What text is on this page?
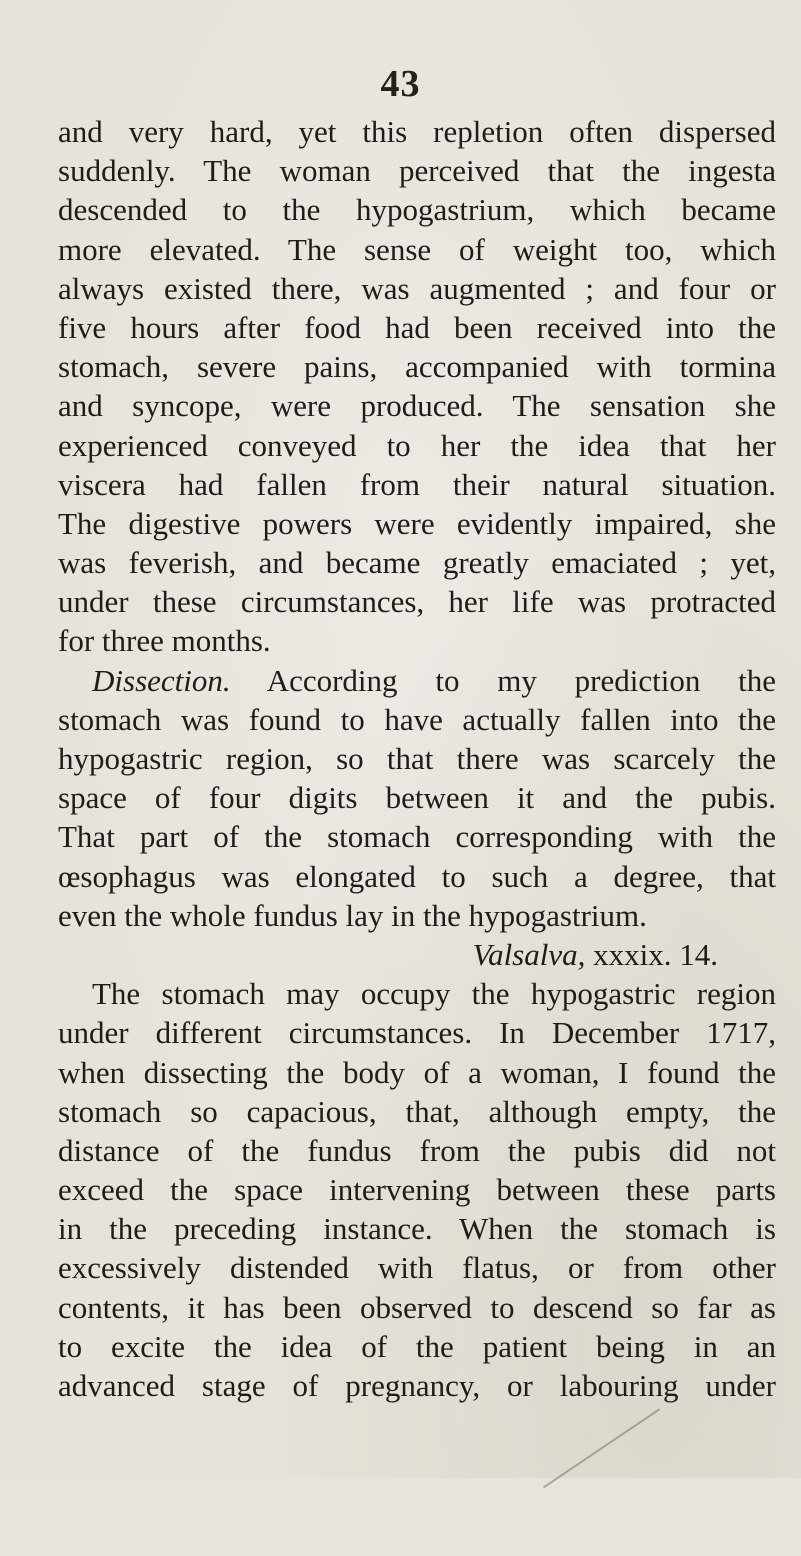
43
and very hard, yet this repletion often dispersed
suddenly. The woman perceived that the ingesta
descended to the hypogastrium, which became
more elevated. The sense of weight too, which
always existed there, was augmented ; and four or
five hours after food had been received into the
stomach, severe pains, accompanied with tormina
and syncope, were produced. The sensation she
experienced conveyed to her the idea that her
viscera had fallen from their natural situation.
The digestive powers were evidently impaired, she
was feverish, and became greatly emaciated ; yet,
under these circumstances, her life was protracted
for three months.
Dissection. According to my prediction the
stomach was found to have actually fallen into the
hypogastric region, so that there was scarcely the
space of four digits between it and the pubis.
That part of the stomach corresponding with the
œsophagus was elongated to such a degree, that
even the whole fundus lay in the hypogastrium.
Valsalva, xxxix. 14.
The stomach may occupy the hypogastric region
under different circumstances. In December 1717,
when dissecting the body of a woman, I found the
stomach so capacious, that, although empty, the
distance of the fundus from the pubis did not
exceed the space intervening between these parts
in the preceding instance. When the stomach is
excessively distended with flatus, or from other
contents, it has been observed to descend so far as
to excite the idea of the patient being in an
advanced stage of pregnancy, or labouring under
